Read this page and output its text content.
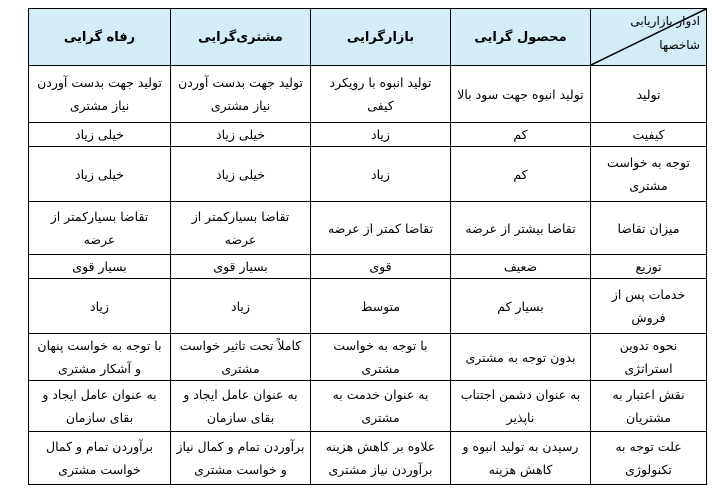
ادوار بازاریابی
شاخصها	محصول گرایی	بازارگرایی	مشتری‌گرایی	رفاه گرایی
تولید	تولید انبوه جهت سود بالا	تولید انبوه با رویکرد کیفی	تولید جهت بدست آوردن نیاز مشتری	تولید جهت بدست آوردن نیاز مشتری
کیفیت	کم	زیاد	خیلی زیاد	خیلی زیاد
توجه به خواست مشتری	کم	زیاد	خیلی زیاد	خیلی زیاد
میزان تقاضا	تقاضا بیشتر از عرضه	تقاضا کمتر از عرضه	تقاضا بسیارکمتر از عرضه	تقاضا بسیارکمتر از عرضه
توزیع	ضعیف	قوی	بسیار قوی	بسیار قوی
خدمات پس از فروش	بسیار کم	متوسط	زیاد	زیاد
نحوه تدوین استراتژی	بدون توجه به مشتری	با توجه به خواست مشتری	کاملاً تحت تاثیر خواست مشتری	با توجه به خواست پنهان و آشکار مشتری
نقش اعتبار به مشتریان	به عنوان دشمن اجتناب ناپذیر	به عنوان خدمت به مشتری	به عنوان عامل ایجاد و بقای سازمان	به عنوان عامل ایجاد و بقای سازمان
علت توجه به تکنولوژی	رسیدن به تولید انبوه و کاهش هزینه	علاوه بر کاهش هزینه برآوردن نیاز مشتری	برآوردن تمام و کمال نیاز و خواست مشتری	برآوردن تمام و کمال خواست مشتری
